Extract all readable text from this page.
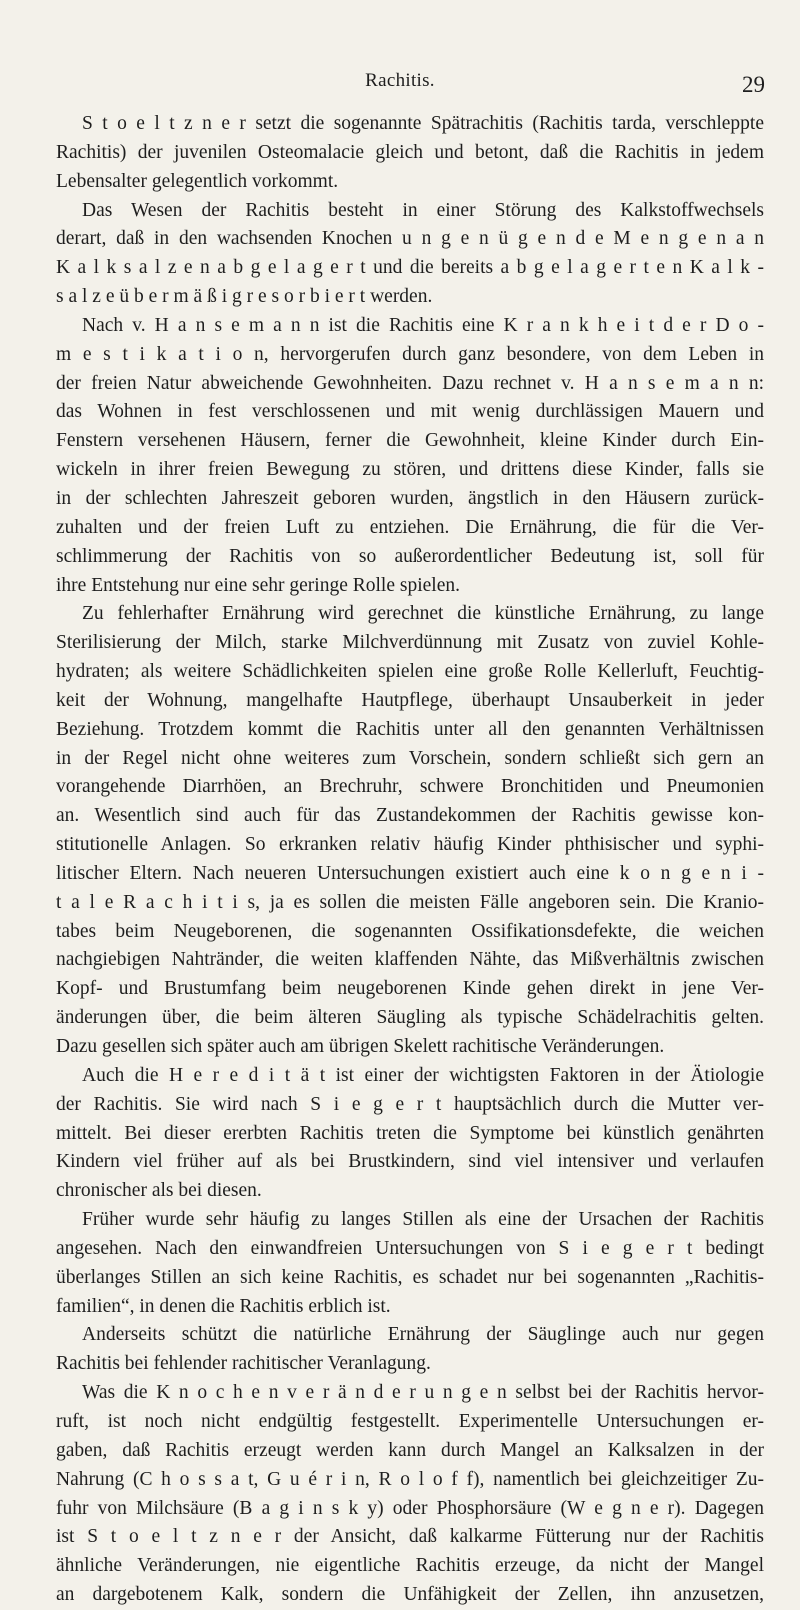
Rachitis.	29
S t o e l t z n e r setzt die sogenannte Spätrachitis (Rachitis tarda, verschleppte
Rachitis) der juvenilen Osteomalacie gleich und betont, daß die Rachitis in jedem
Lebensalter gelegentlich vorkommt.
Das Wesen der Rachitis besteht in einer Störung des Kalkstoffwechsels
derart, daß in den wachsenden Knochen u n g e n ü g e n d e M e n g e n a n
K a l k s a l z e n a b g e l a g e r t und die bereits a b g e l a g e r t e n K a l k -
s a l z e ü b e r m ä ß i g r e s o r b i e r t werden.
Nach v. H a n s e m a n n ist die Rachitis eine K r a n k h e i t d e r D o -
m e s t i k a t i o n, hervorgerufen durch ganz besondere, von dem Leben in
der freien Natur abweichende Gewohnheiten. Dazu rechnet v. H a n s e m a n n:
das Wohnen in fest verschlossenen und mit wenig durchlässigen Mauern und
Fenstern versehenen Häusern, ferner die Gewohnheit, kleine Kinder durch Ein-
wickeln in ihrer freien Bewegung zu stören, und drittens diese Kinder, falls sie
in der schlechten Jahreszeit geboren wurden, ängstlich in den Häusern zurück-
zuhalten und der freien Luft zu entziehen. Die Ernährung, die für die Ver-
schlimmerung der Rachitis von so außerordentlicher Bedeutung ist, soll für
ihre Entstehung nur eine sehr geringe Rolle spielen.
Zu fehlerhafter Ernährung wird gerechnet die künstliche Ernährung, zu lange
Sterilisierung der Milch, starke Milchverdünnung mit Zusatz von zuviel Kohle-
hydraten; als weitere Schädlichkeiten spielen eine große Rolle Kellerluft, Feuchtig-
keit der Wohnung, mangelhafte Hautpflege, überhaupt Unsauberkeit in jeder
Beziehung. Trotzdem kommt die Rachitis unter all den genannten Verhältnissen
in der Regel nicht ohne weiteres zum Vorschein, sondern schließt sich gern an
vorangehende Diarrhöen, an Brechruhr, schwere Bronchitiden und Pneumonien
an. Wesentlich sind auch für das Zustandekommen der Rachitis gewisse kon-
stitutionelle Anlagen. So erkranken relativ häufig Kinder phthisischer und syphi-
litischer Eltern. Nach neueren Untersuchungen existiert auch eine k o n g e n i -
t a l e R a c h i t i s, ja es sollen die meisten Fälle angeboren sein. Die Kranio-
tabes beim Neugeborenen, die sogenannten Ossifikationsdefekte, die weichen
nachgiebigen Nahtränder, die weiten klaffenden Nähte, das Mißverhältnis zwischen
Kopf- und Brustumfang beim neugeborenen Kinde gehen direkt in jene Ver-
änderungen über, die beim älteren Säugling als typische Schädelrachitis gelten.
Dazu gesellen sich später auch am übrigen Skelett rachitische Veränderungen.
Auch die H e r e d i t ä t ist einer der wichtigsten Faktoren in der Ätiologie
der Rachitis. Sie wird nach S i e g e r t hauptsächlich durch die Mutter ver-
mittelt. Bei dieser ererbten Rachitis treten die Symptome bei künstlich genährten
Kindern viel früher auf als bei Brustkindern, sind viel intensiver und verlaufen
chronischer als bei diesen.
Früher wurde sehr häufig zu langes Stillen als eine der Ursachen der Rachitis
angesehen. Nach den einwandfreien Untersuchungen von S i e g e r t bedingt
überlanges Stillen an sich keine Rachitis, es schadet nur bei sogenannten „Rachitis-
familien“, in denen die Rachitis erblich ist.
Anderseits schützt die natürliche Ernährung der Säuglinge auch nur gegen
Rachitis bei fehlender rachitischer Veranlagung.
Was die K n o c h e n v e r ä n d e r u n g e n selbst bei der Rachitis hervor-
ruft, ist noch nicht endgültig festgestellt. Experimentelle Untersuchungen er-
gaben, daß Rachitis erzeugt werden kann durch Mangel an Kalksalzen in der
Nahrung (C h o s s a t, G u é r i n, R o l o f f), namentlich bei gleichzeitiger Zu-
fuhr von Milchsäure (B a g i n s k y) oder Phosphorsäure (W e g n e r). Dagegen
ist S t o e l t z n e r der Ansicht, daß kalkarme Fütterung nur der Rachitis
ähnliche Veränderungen, nie eigentliche Rachitis erzeuge, da nicht der Mangel
an dargebotenem Kalk, sondern die Unfähigkeit der Zellen, ihn anzusetzen,
